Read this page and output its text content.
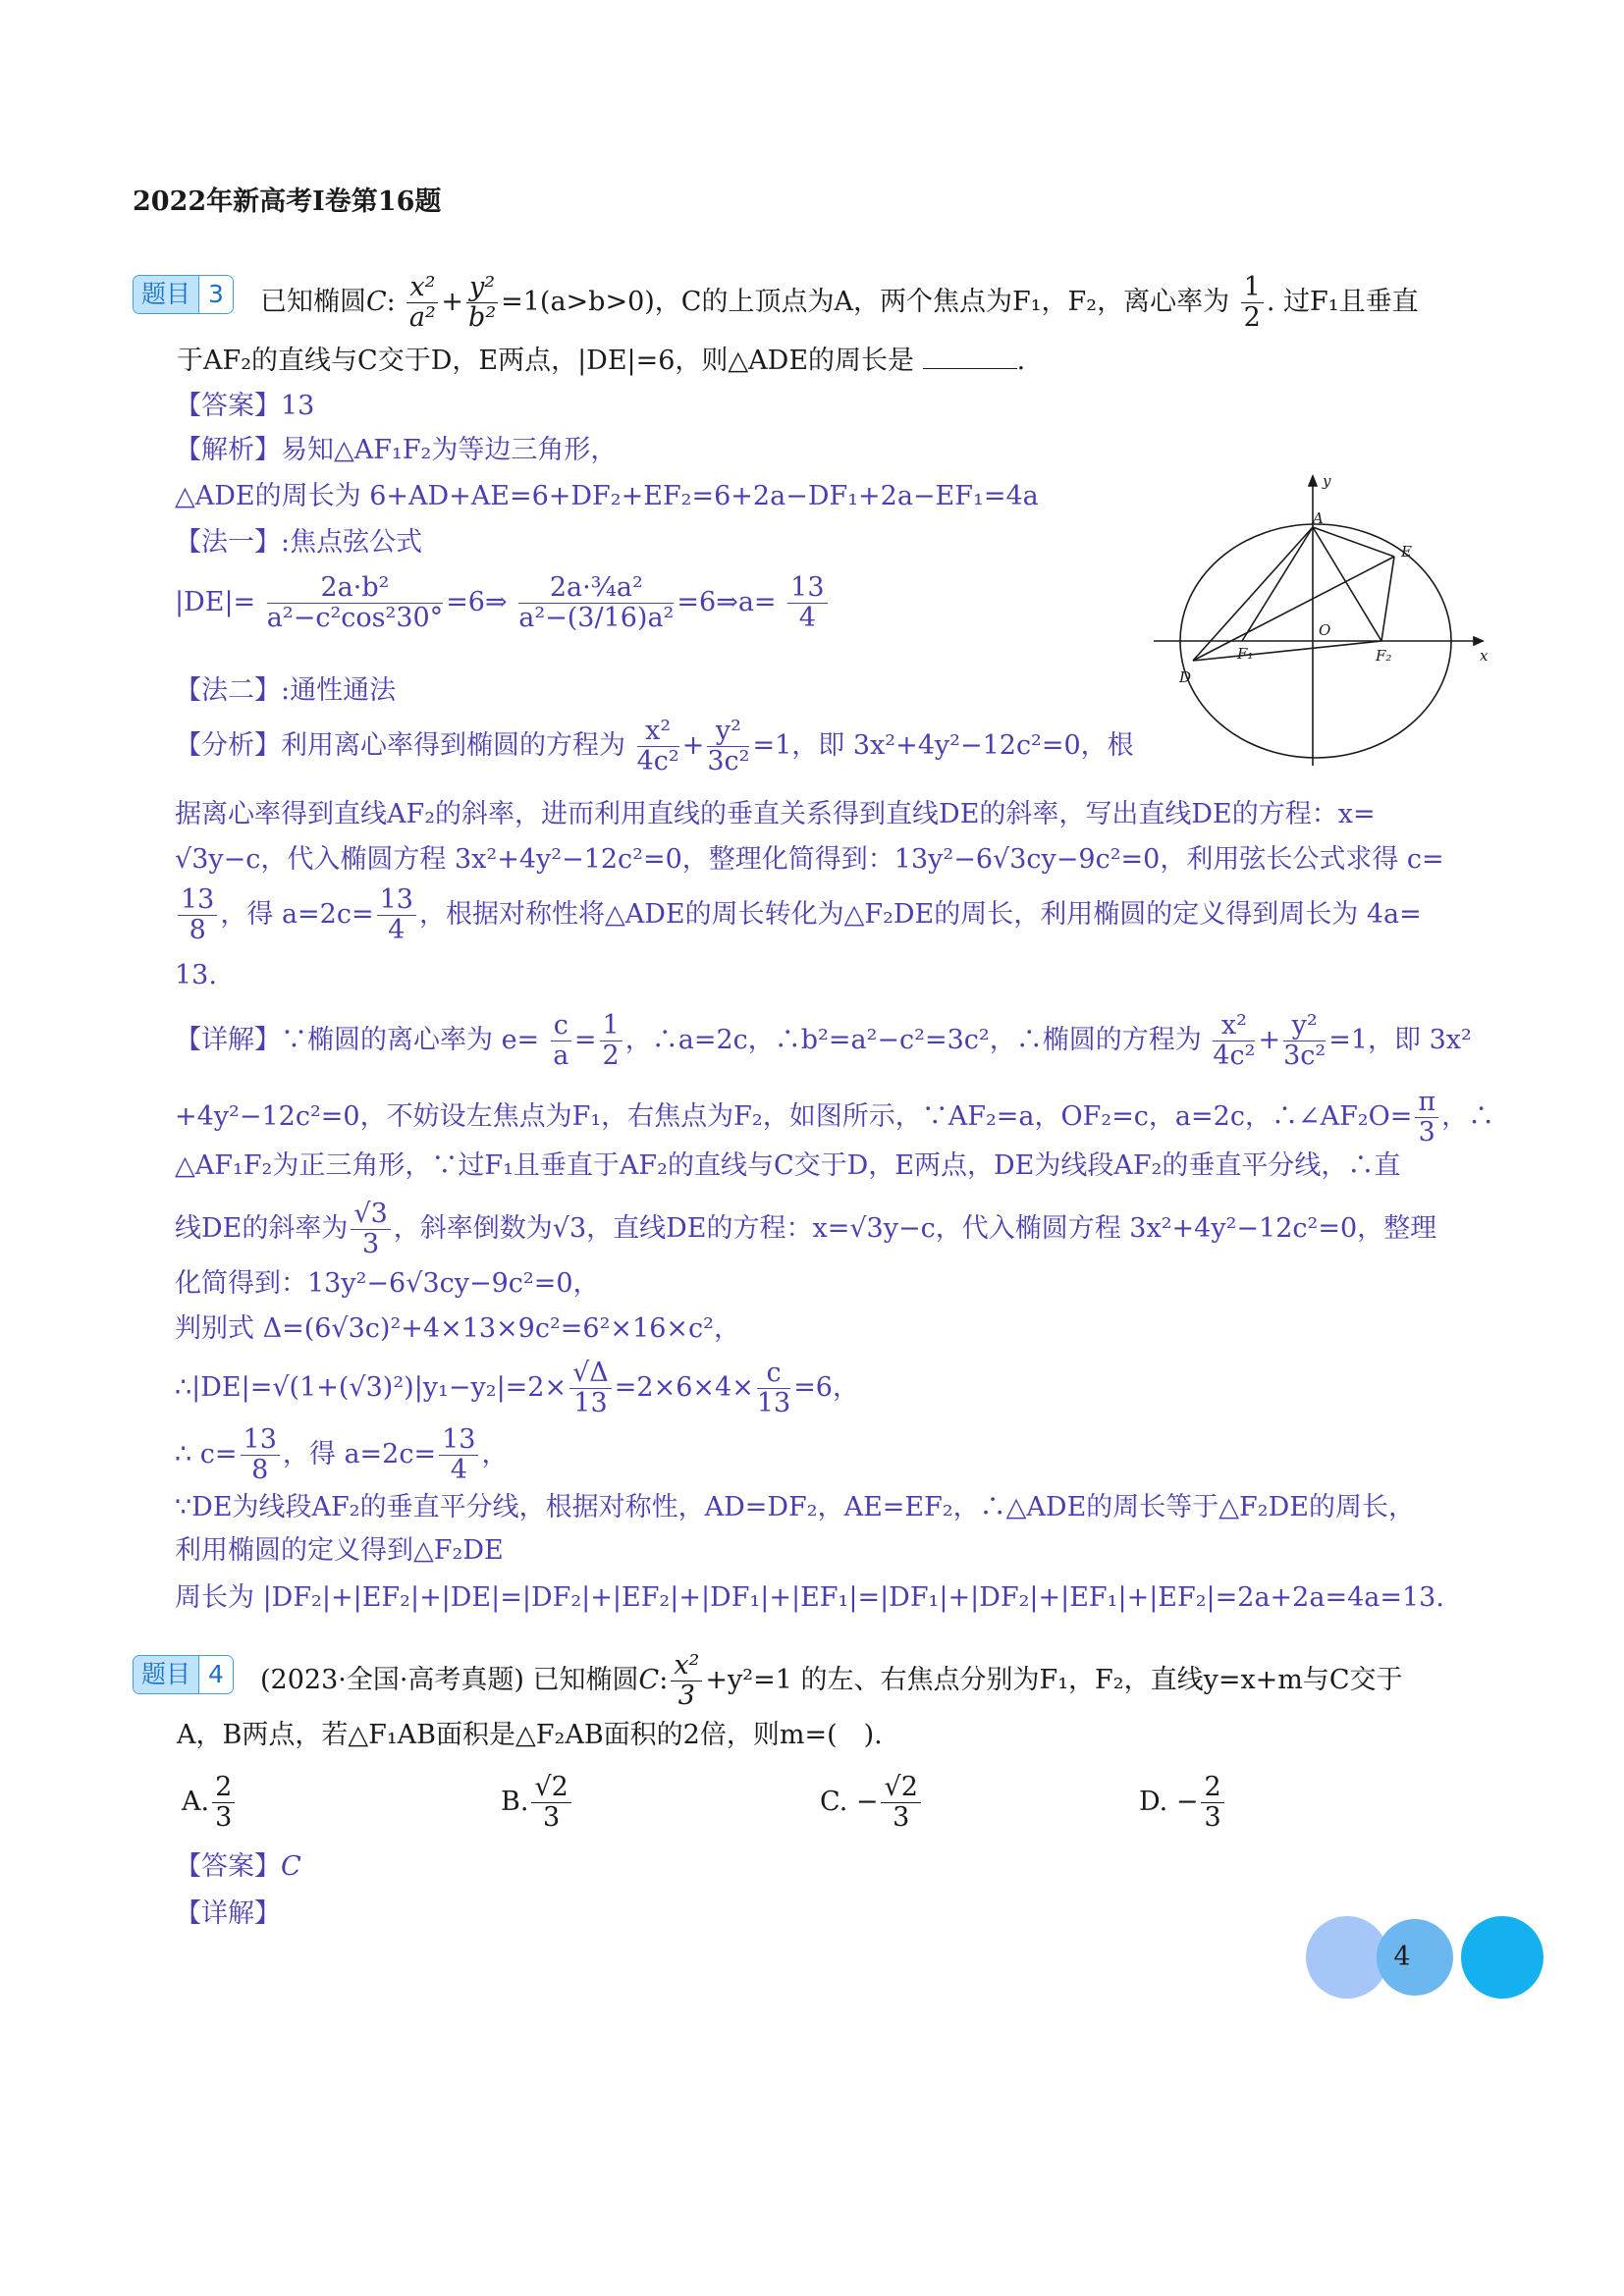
2022年新高考I卷第16题
题目 3	已知椭圆C: $\frac{\text{x²}}{\text{a²}} + \frac{\text{y²}}{\text{b²}} =1(a>b>0)$，C的上顶点为A，两个焦点为F₁，F₂，离心率为 $\frac{1}{2}$ . 过F₁且垂直
于AF₂的直线与C交于D，E两点，|DE|=6，则△ADE的周长是	.
【答案】13
【解析】易知△AF₁F₂为等边三角形，
△ADE的周长为 6+AD+AE=6+DF₂+EF₂=6+2a−DF₁+2a−EF₁=4a
【法一】:焦点弦公式
$|DE|= \frac{\text{2a·b²}}{\text{a²−c²cos²30°}}$ =6⇒ $\frac{\text{2a·¾a²}}{\text{a²−(3/16)a²}}$ =6⇒a= $\frac{13}{4}$
【法二】:通性通法
【分析】利用离心率得到椭圆的方程为 $\frac{\text{x²}}{\text{4c²}} + \frac{\text{y²}}{\text{3c²}} =1$，即 3x²+4y²−12c²=0，根
据离心率得到直线AF₂的斜率，进而利用直线的垂直关系得到直线DE的斜率，写出直线DE的方程：x=
√3y−c，代入椭圆方程 3x²+4y²−12c²=0，整理化简得到：13y²−6√3cy−9c²=0，利用弦长公式求得 c=
$\frac{13}{8}$ ，得 $a=2c= \frac{13}{4}$ ，根据对称性将△ADE的周长转化为△F₂DE的周长，利用椭圆的定义得到周长为 4a=
13.
【详解】∵椭圆的离心率为 $e= \frac{c}{a} = \frac{1}{2}$ ，∴a=2c，∴b²=a²−c²=3c²，∴椭圆的方程为 $\frac{\text{x²}}{\text{4c²}} + \frac{\text{y²}}{\text{3c²}} =1$，即 3x²
+4y²−12c²=0，不妨设左焦点为F₁，右焦点为F₂，如图所示，∵AF₂=a，OF₂=c，a=2c，∴∠AF₂O= $\frac{\pi}{3}$ ，∴
△AF₁F₂为正三角形，∵过F₁且垂直于AF₂的直线与C交于D，E两点，DE为线段AF₂的垂直平分线，∴直
线DE的斜率为 $\frac{√3}{3}$ ，斜率倒数为√3，直线DE的方程：x=√3y−c，代入椭圆方程 3x²+4y²−12c²=0，整理
化简得到：13y²−6√3cy−9c²=0，
判别式 Δ=(6√3c)²+4×13×9c²=6²×16×c²，
∴|DE|=√(1+(√3)²)|y₁−y₂|=2× $\frac{√\Delta}{13} =2\times 6\times 4\times \frac{c}{13} =6$，
∴ $c= \frac{13}{8}$ ，得 $a=2c= \frac{13}{4}$ ，
∵DE为线段AF₂的垂直平分线，根据对称性，AD=DF₂，AE=EF₂，∴△ADE的周长等于△F₂DE的周长，
利用椭圆的定义得到△F₂DE
周长为 |DF₂|+|EF₂|+|DE|=|DF₂|+|EF₂|+|DF₁|+|EF₁|=|DF₁|+|DF₂|+|EF₁|+|EF₂|=2a+2a=4a=13.
y
x
A
E
O
F₁	F₂
D
题目 4	(2023·全国·高考真题) 已知椭圆C: $\frac{\text{x²}}{3} +y^2=1$ 的左、右焦点分别为F₁，F₂，直线y=x+m与C交于
A，B两点，若△F₁AB面积是△F₂AB面积的2倍，则m=(　).
A. $\frac{2}{3}$	B. $\frac{√2}{3}$	C. − $\frac{√2}{3}$	D. − $\frac{2}{3}$
【答案】C
【详解】
4
